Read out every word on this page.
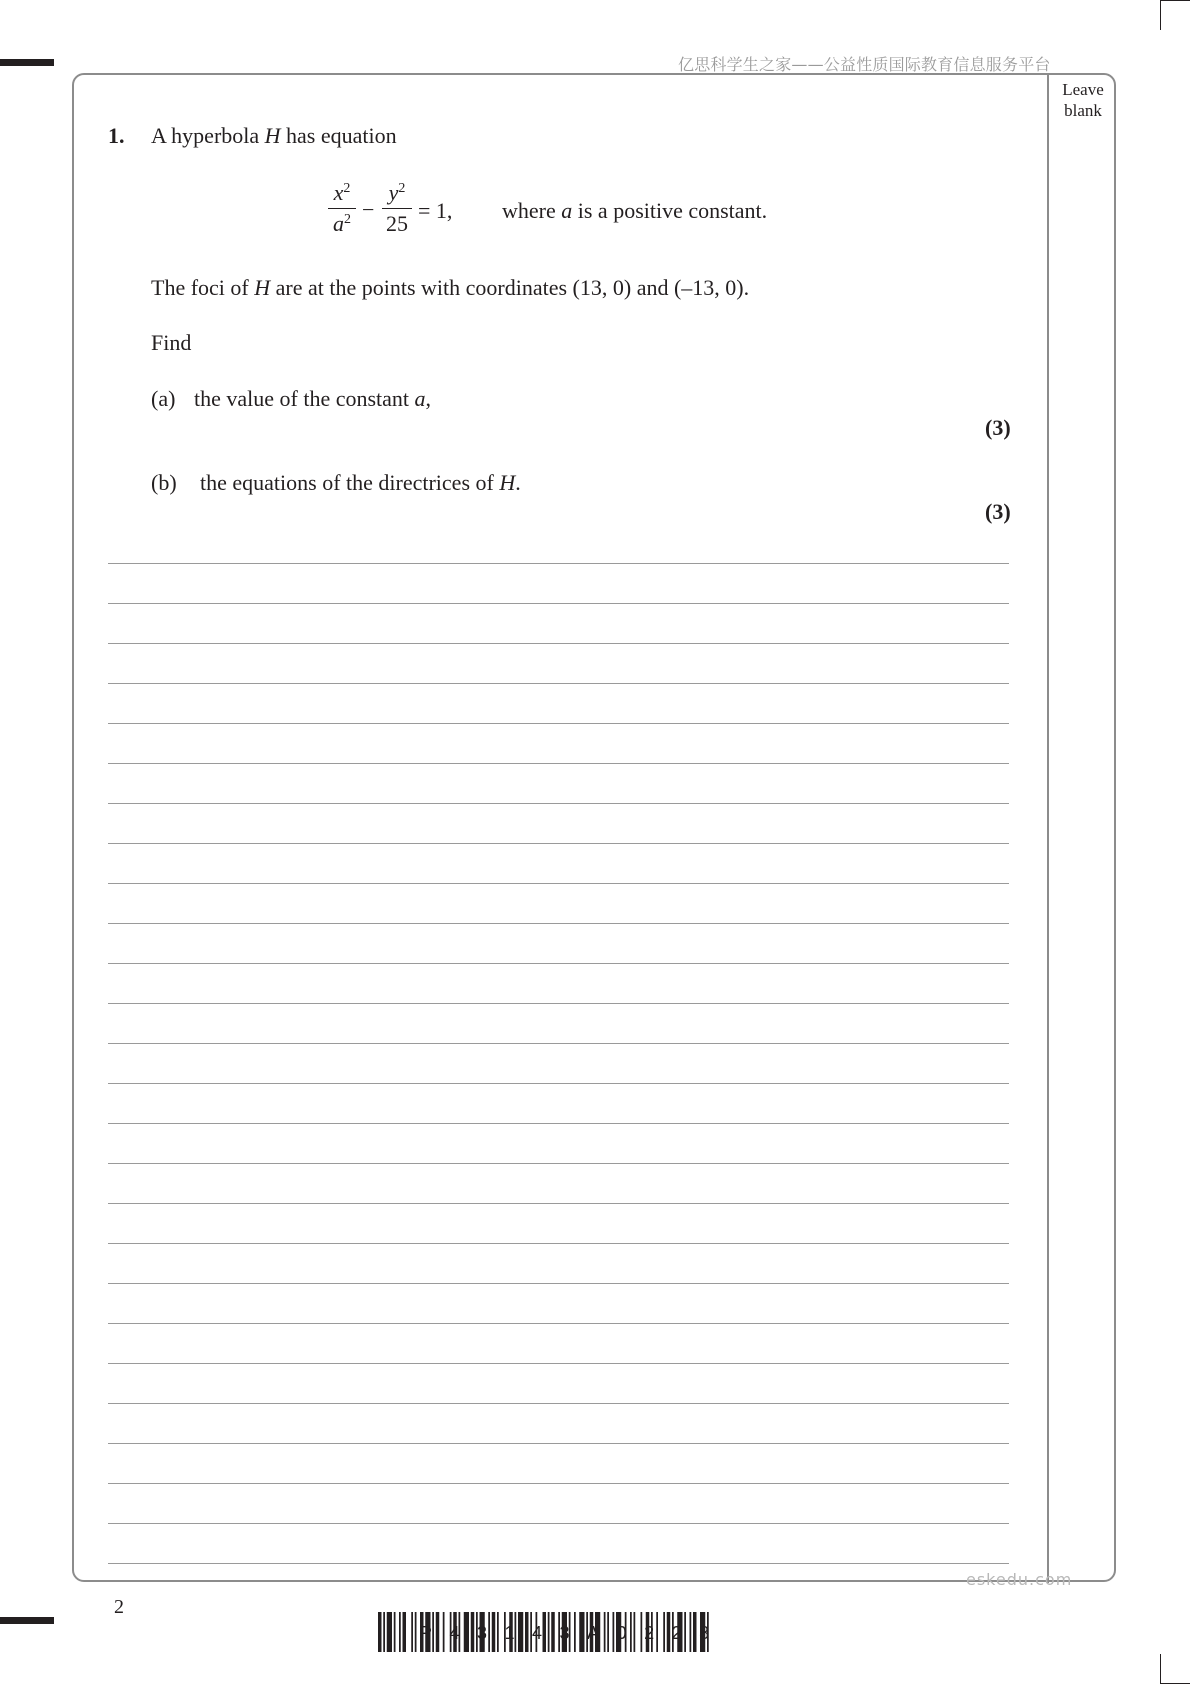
亿思科学生之家——公益性质国际教育信息服务平台
Leave
blank
1. A hyperbola H has equation
$x^2$
$a^2$ −
$y^2$
25
= 1, where a is a positive constant.
The foci of H are at the points with coordinates (13, 0) and (–13, 0).
Find
(a) the value of the constant a,
(3)
(b) the equations of the directrices of H.
(3)
2
eskedu.com
P43143A0228
